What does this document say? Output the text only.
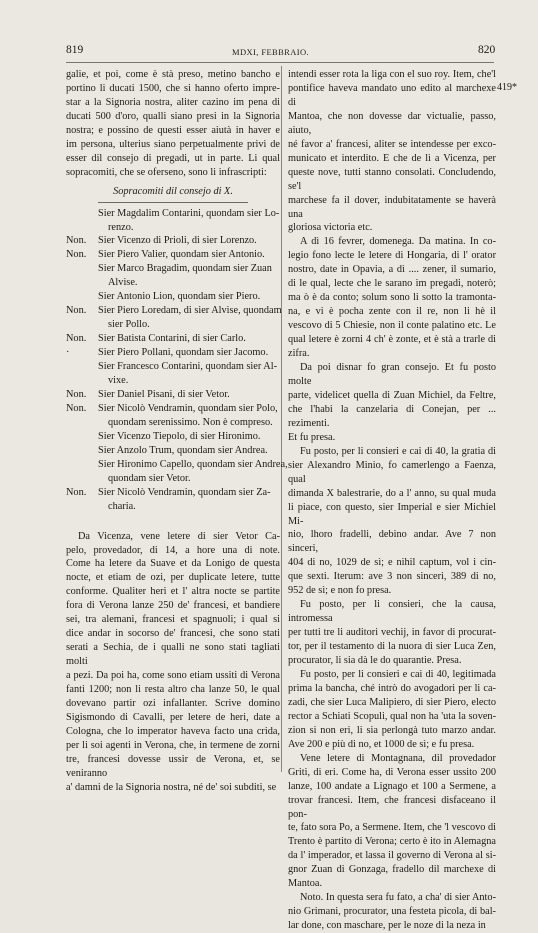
819	MDXI, FEBBRAIO.	820
419*
galie, et poi, come è stà preso, metino bancho e
portino li ducati 1500, che si hanno oferto impre-
star a la Signoria nostra, aliter cazino im pena di
ducati 500 d'oro, qualli siano presi in la Signoria
nostra; e possino de questi esser aiutà in haver e
im persona, ulterius siano perpetualmente privi de
esser dil consejo di pregadi, ut in parte. Li qual
sopracomiti, che se oferseno, sono li infrascripti:
Sopracomiti dil consejo di X.
Sier Magdalim Contarini, quondam sier Lo-
renzo.
Non. Sier Vicenzo di Prioli, di sier Lorenzo.
Non. Sier Piero Valier, quondam sier Antonio.
Sier Marco Bragadim, quondam sier Zuan
Alvise.
Sier Antonio Lion, quondam sier Piero.
Non. Sier Piero Loredam, di sier Alvise, quondam
sier Pollo.
Non. Sier Batista Contarini, di sier Carlo.
·	Sier Piero Pollani, quondam sier Jacomo.
Sier Francesco Contarini, quondam sier Al-
vixe.
Non. Sier Daniel Pisani, di sier Vetor.
Non. Sier Nicolò Vendramin, quondam sier Polo,
quondam serenissimo. Non è compreso.
Sier Vicenzo Tiepolo, di sier Hironimo.
Sier Anzolo Trum, quondam sier Andrea.
Sier Hironimo Capello, quondam sier Andrea,
quondam sier Vetor.
Non. Sier Nicolò Vendramin, quondam sier Za-
charia.
Da Vicenza, vene letere di sier Vetor Ca-
pelo, provedador, di 14, a hore una di note.
Come ha letere da Suave et da Lonigo de questa
nocte, et etiam de ozi, per duplicate letere, tutte
conforme. Qualiter heri et l' altra nocte se partite
fora di Verona lanze 250 de' francesi, et bandiere
sei, tra alemani, francesi et spagnuoli; i qual si
dice andar in socorso de' francesi, che sono stati
serati a Sechia, de i qualli ne sono stati tagliati molti
a pezi. Da poi ha, come sono etiam ussiti di Verona
fanti 1200; non li resta altro cha lanze 50, le qual
dovevano partir ozi infallanter. Scrive domino
Sigismondo di Cavalli, per letere de heri, date a
Cologna, che lo imperator haveva facto una crida,
per li soi agenti in Verona, che, in termene de zorni
tre, francesi dovesse ussir de Verona, et, se veniranno
a' damni de la Signoria nostra, né de' soi subditi, se
intendi esser rota la liga con el suo roy. Item, che'l
pontifice haveva mandato uno edito al marchexe di
Mantoa, che non dovesse dar victualie, passo, aiuto,
né favor a' francesi, aliter se intendesse per exco-
municato et interdito. E che de lì a Vicenza, per
queste nove, tutti stanno consolati. Concludendo, se'l
marchese fa il dover, indubitatamente se haverà una
gloriosa victoria etc.
A dì 16 fevrer, domenega. Da matina. In co-
legio fono lecte le letere di Hongaria, di l' orator
nostro, date in Opavia, a dì .... zener, il sumario,
di le qual, lecte che le sarano im pregadi, noterò;
ma ò è da conto; solum sono li sotto la tramonta-
na, e vi è pocha zente con il re, non li hè il
vescovo di 5 Chiesie, non il conte palatino etc. Le
qual letere è zorni 4 ch' è zonte, et è stà a trarle di
zifra.
Da poi disnar fo gran consejo. Et fu posto molte
parte, videlicet quella di Zuan Michiel, da Feltre,
che l'habi la canzelaria di Conejan, per ... rezimenti.
Et fu presa.
Fu posto, per li consieri e cai di 40, la gratia di
sier Alexandro Minio, fo camerlengo a Faenza, qual
dimanda X balestrarie, do a l' anno, su qual muda
li piace, con questo, sier Imperial e sier Michiel Mi-
nio, lhoro fradelli, debino andar. Ave 7 non sinceri,
404 di no, 1029 de sì; e nihil captum, vol i cin-
que sexti. Iterum: ave 3 non sinceri, 389 di no,
952 de sì; e non fo presa.
Fu posto, per li consieri, che la causa, intromessa
per tutti tre li auditori vechij, in favor di procurat-
tor, per il testamento di la nuora di sier Luca Zen,
procurator, li sia dà le do quarantie. Presa.
Fu posto, per li consieri e cai di 40, legitimada
prima la bancha, ché intrò do avogadori per li ca-
zadi, che sier Luca Malipiero, di sier Piero, electo
rector a Schiati Scopuli, qual non ha 'uta la soven-
zion si non eri, li sia perlongà tuto marzo andar.
Ave 200 e più di no, et 1000 de sì; e fu presa.
Vene letere di Montagnana, dil provedador
Griti, di eri. Come ha, di Verona esser ussito 200
lanze, 100 andate a Lignago et 100 a Sermene, a
trovar francesi. Item, che francesi disfaceano il pon-
te, fato sora Po, a Sermene. Item, che 'l vescovo di
Trento è partito di Verona; certo è ito in Alemagna
da l' imperador, et lassa il governo di Verona al si-
gnor Zuan di Gonzaga, fradello dil marchexe di
Mantoa.
Noto. In questa sera fu fato, a cha' di sier Anto-
nio Grimani, procurator, una festeta picola, di bal-
lar done, con maschare, per le noze di la neza in
